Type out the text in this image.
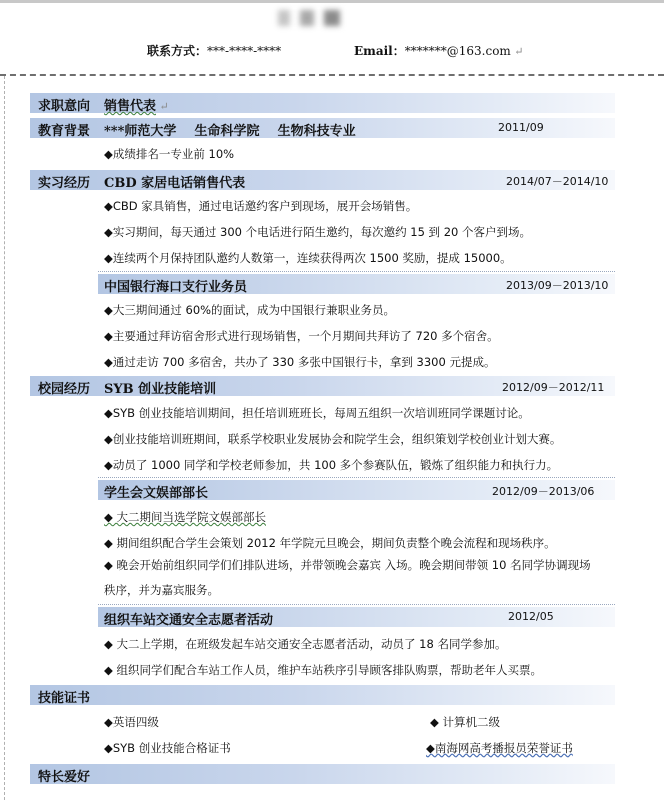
联系方式：***-****-****	Email：*******@163.com ↵
求职意向 销售代表 ↵
教育背景 ***师范大学    生命科学院    生物科技专业	2011/09
◆成绩排名一专业前 10%
实习经历 CBD 家居电话销售代表	2014/07－2014/10
◆CBD 家具销售，通过电话邀约客户到现场，展开会场销售。
◆实习期间，每天通过 300 个电话进行陌生邀约，每次邀约 15 到 20 个客户到场。
◆连续两个月保持团队邀约人数第一，连续获得两次 1500 奖励，提成 15000。
中国银行海口支行业务员	2013/09－2013/10
◆大三期间通过 60%的面试，成为中国银行兼职业务员。
◆主要通过拜访宿舍形式进行现场销售，一个月期间共拜访了 720 多个宿舍。
◆通过走访 700 多宿舍，共办了 330 多张中国银行卡，拿到 3300 元提成。
校园经历 SYB 创业技能培训	2012/09－2012/11
◆SYB 创业技能培训期间，担任培训班班长，每周五组织一次培训班同学课题讨论。
◆创业技能培训班期间，联系学校职业发展协会和院学生会，组织策划学校创业计划大赛。
◆动员了 1000 同学和学校老师参加，共 100 多个参赛队伍，锻炼了组织能力和执行力。
学生会文娱部部长	2012/09－2013/06
◆ 大二期间当选学院文娱部部长
◆ 期间组织配合学生会策划 2012 年学院元旦晚会，期间负责整个晚会流程和现场秩序。
◆ 晚会开始前组织同学们们排队进场，并带领晚会嘉宾 入场。晚会期间带领 10 名同学协调现场秩序，并为嘉宾服务。
组织车站交通安全志愿者活动	2012/05
◆ 大二上学期，在班级发起车站交通安全志愿者活动，动员了 18 名同学参加。
◆ 组织同学们配合车站工作人员，维护车站秩序引导顾客排队购票，帮助老年人买票。
技能证书
◆英语四级	◆ 计算机二级
◆SYB 创业技能合格证书	◆南海网高考播报员荣誉证书
特长爱好
